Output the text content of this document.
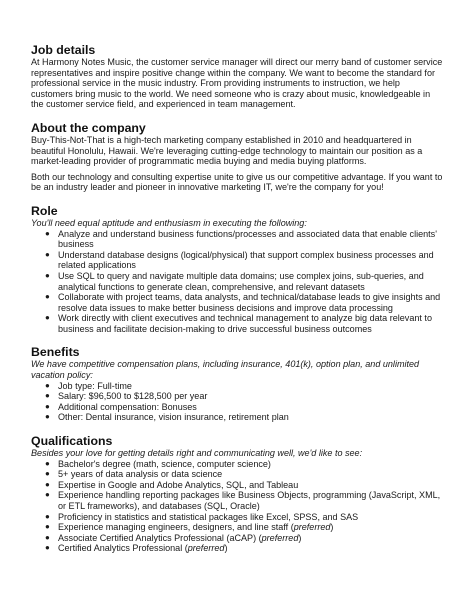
Job details

At Harmony Notes Music, the customer service manager will direct our merry band of customer service representatives and inspire positive change within the company. We want to become the standard for professional service in the music industry. From providing instruments to instruction, we help customers bring music to the world. We need someone who is crazy about music, knowledgeable in the customer service field, and experienced in team management.

About the company

Buy-This-Not-That is a high-tech marketing company established in 2010 and headquartered in beautiful Honolulu, Hawaii. We're leveraging cutting-edge technology to maintain our position as a market-leading provider of programmatic media buying and media buying platforms.

Both our technology and consulting expertise unite to give us our competitive advantage. If you want to be an industry leader and pioneer in innovative marketing IT, we're the company for you!

Role

You'll need equal aptitude and enthusiasm in executing the following:

● Analyze and understand business functions/processes and associated data that enable clients' business
● Understand database designs (logical/physical) that support complex business processes and related applications
● Use SQL to query and navigate multiple data domains; use complex joins, sub-queries, and analytical functions to generate clean, comprehensive, and relevant datasets
● Collaborate with project teams, data analysts, and technical/database leads to give insights and resolve data issues to make better business decisions and improve data processing
● Work directly with client executives and technical management to analyze big data relevant to business and facilitate decision-making to drive successful business outcomes
Benefits

We have competitive compensation plans, including insurance, 401(k), option plan, and unlimited vacation policy:

● Job type: Full-time
● Salary: $96,500 to $128,500 per year
● Additional compensation: Bonuses
● Other: Dental insurance, vision insurance, retirement plan
Qualifications

Besides your love for getting details right and communicating well, we'd like to see:

● Bachelor's degree (math, science, computer science)
● 5+ years of data analysis or data science
● Expertise in Google and Adobe Analytics, SQL, and Tableau
● Experience handling reporting packages like Business Objects, programming (JavaScript, XML, or ETL frameworks), and databases (SQL, Oracle)
● Proficiency in statistics and statistical packages like Excel, SPSS, and SAS
● Experience managing engineers, designers, and line staff (preferred)
● Associate Certified Analytics Professional (aCAP) (preferred)
● Certified Analytics Professional (preferred)
